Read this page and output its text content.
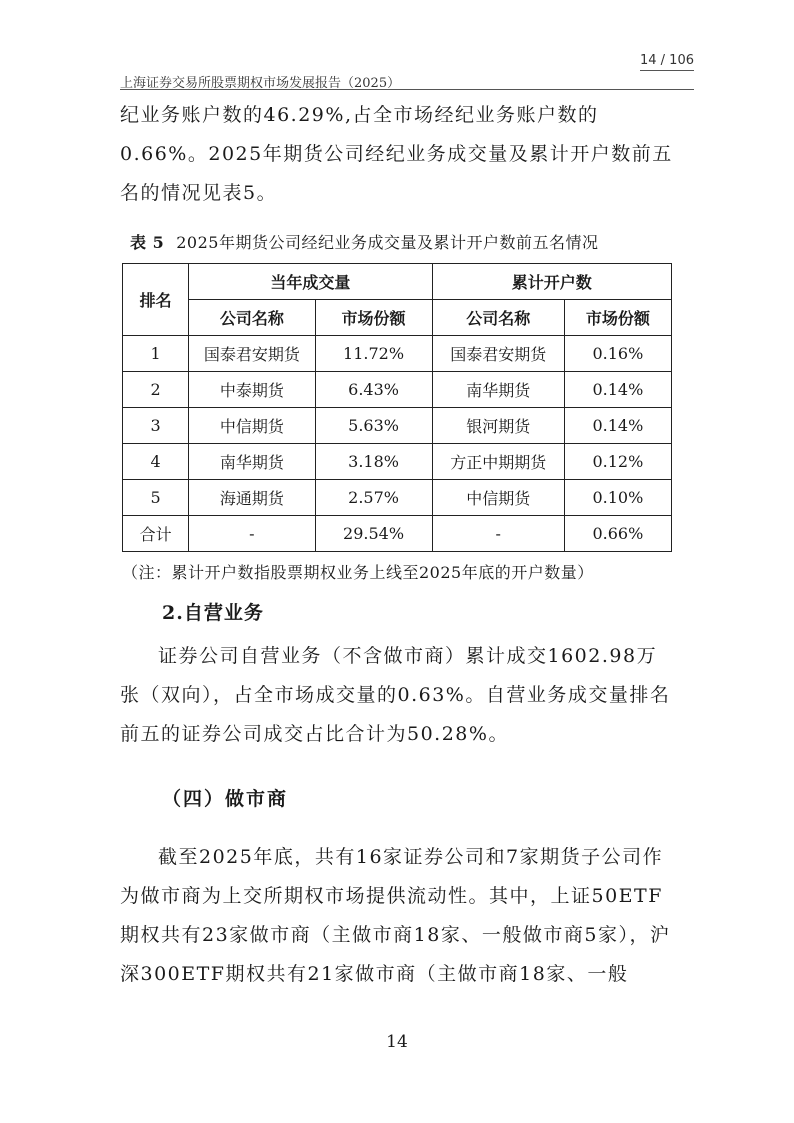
14 / 106
上海证券交易所股票期权市场发展报告（2025）
纪业务账户数的46.29%,占全市场经纪业务账户数的0.66%。2025年期货公司经纪业务成交量及累计开户数前五名的情况见表5。
表 5 2025年期货公司经纪业务成交量及累计开户数前五名情况
排名	当年成交量		累计开户数	
	公司名称	市场份额	公司名称	市场份额
1	国泰君安期货	11.72%	国泰君安期货	0.16%
2	中泰期货	6.43%	南华期货	0.14%
3	中信期货	5.63%	银河期货	0.14%
4	南华期货	3.18%	方正中期期货	0.12%
5	海通期货	2.57%	中信期货	0.10%
合计	-	29.54%	-	0.66%
（注：累计开户数指股票期权业务上线至2025年底的开户数量）
2.自营业务
证券公司自营业务（不含做市商）累计成交1602.98万张（双向），占全市场成交量的0.63%。自营业务成交量排名前五的证券公司成交占比合计为50.28%。
（四）做市商
截至2025年底，共有16家证券公司和7家期货子公司作为做市商为上交所期权市场提供流动性。其中，上证50ETF期权共有23家做市商（主做市商18家、一般做市商5家），沪深300ETF期权共有21家做市商（主做市商18家、一般
14
